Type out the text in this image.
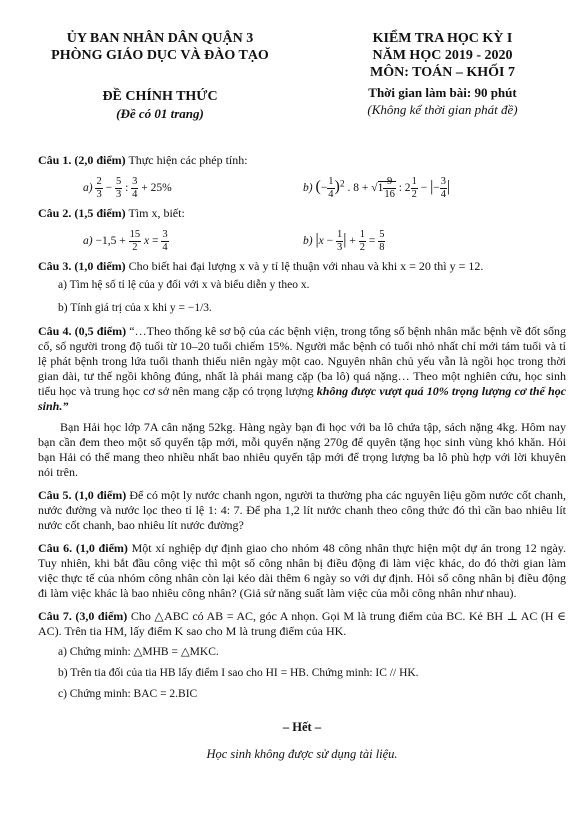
ỦY BAN NHÂN DÂN QUẬN 3
PHÒNG GIÁO DỤC VÀ ĐÀO TẠO
ĐỀ CHÍNH THỨC
(Đề có 01 trang)
KIỂM TRA HỌC KỲ I
NĂM HỌC 2019 - 2020
MÔN: TOÁN – KHỐI 7
Thời gian làm bài: 90 phút
(Không kể thời gian phát đề)

Câu 1. (2,0 điểm) Thực hiện các phép tính:

$a) \frac{2}{3} - \frac{5}{3}$ : $\frac{3}{4} + 25\%$	b) (− $\frac{1}{4} )^2$ . $8 + √1 \frac{9}{16}$ : $2 \frac{1}{2}$ − |− $\frac{3}{4}$ |

Câu 2. (1,5 điểm) Tìm x, biết:

$a) -1,5 + \frac{15}{2}$ $x = \frac{3}{4}$	b) $|x - \frac{1}{3}$ | + $\frac{1}{2} = \frac{5}{8}$

Câu 3. (1,0 điểm) Cho biết hai đại lượng x và y tỉ lệ thuận với nhau và khi x = 20 thì y = 12.

a) Tìm hệ số tỉ lệ của y đối với x và biểu diễn y theo x.

b) Tính giá trị của x khi y = −1/3.

Câu 4. (0,5 điểm) “…Theo thống kê sơ bộ của các bệnh viện, trong tổng số bệnh nhân mắc bệnh về đốt sống cổ, số người trong độ tuổi từ 10–20 tuổi chiếm 15%. Người mắc bệnh có tuổi nhỏ nhất chỉ mới tám tuổi và tỉ lệ phát bệnh trong lứa tuổi thanh thiếu niên ngày một cao. Nguyên nhân chủ yếu vẫn là ngồi học trong thời gian dài, tư thế ngồi không đúng, nhất là phải mang cặp (ba lô) quá nặng… Theo một nghiên cứu, học sinh tiểu học và trung học cơ sở nên mang cặp có trọng lượng không được vượt quá 10% trọng lượng cơ thể học sinh.”

Bạn Hải học lớp 7A cân nặng 52kg. Hàng ngày bạn đi học với ba lô chứa tập, sách nặng 4kg. Hôm nay bạn cần đem theo một số quyển tập mới, mỗi quyển nặng 270g để quyên tặng học sinh vùng khó khăn. Hỏi bạn Hải có thể mang theo nhiều nhất bao nhiêu quyển tập mới để trọng lượng ba lô phù hợp với lời khuyên nói trên.

Câu 5. (1,0 điểm) Để có một ly nước chanh ngon, người ta thường pha các nguyên liệu gồm nước cốt chanh, nước đường và nước lọc theo tỉ lệ 1: 4: 7. Để pha 1,2 lít nước chanh theo công thức đó thì cần bao nhiêu lít nước cốt chanh, bao nhiêu lít nước đường?

Câu 6. (1,0 điểm) Một xí nghiệp dự định giao cho nhóm 48 công nhân thực hiện một dự án trong 12 ngày. Tuy nhiên, khi bắt đầu công việc thì một số công nhân bị điều động đi làm việc khác, do đó thời gian làm việc thực tế của nhóm công nhân còn lại kéo dài thêm 6 ngày so với dự định. Hỏi số công nhân bị điều động đi làm việc khác là bao nhiêu công nhân? (Giả sử năng suất làm việc của mỗi công nhân như nhau).

Câu 7. (3,0 điểm) Cho △ABC có AB = AC, góc A nhọn. Gọi M là trung điểm của BC. Kẻ BH ⊥ AC (H ∈ AC). Trên tia HM, lấy điểm K sao cho M là trung điểm của HK.

a) Chứng minh: △MHB = △MKC.

b) Trên tia đối của tia HB lấy điểm I sao cho HI = HB. Chứng minh: IC // HK.

c) Chứng minh: BAC = 2.BIC

– Hết –
Học sinh không được sử dụng tài liệu.
